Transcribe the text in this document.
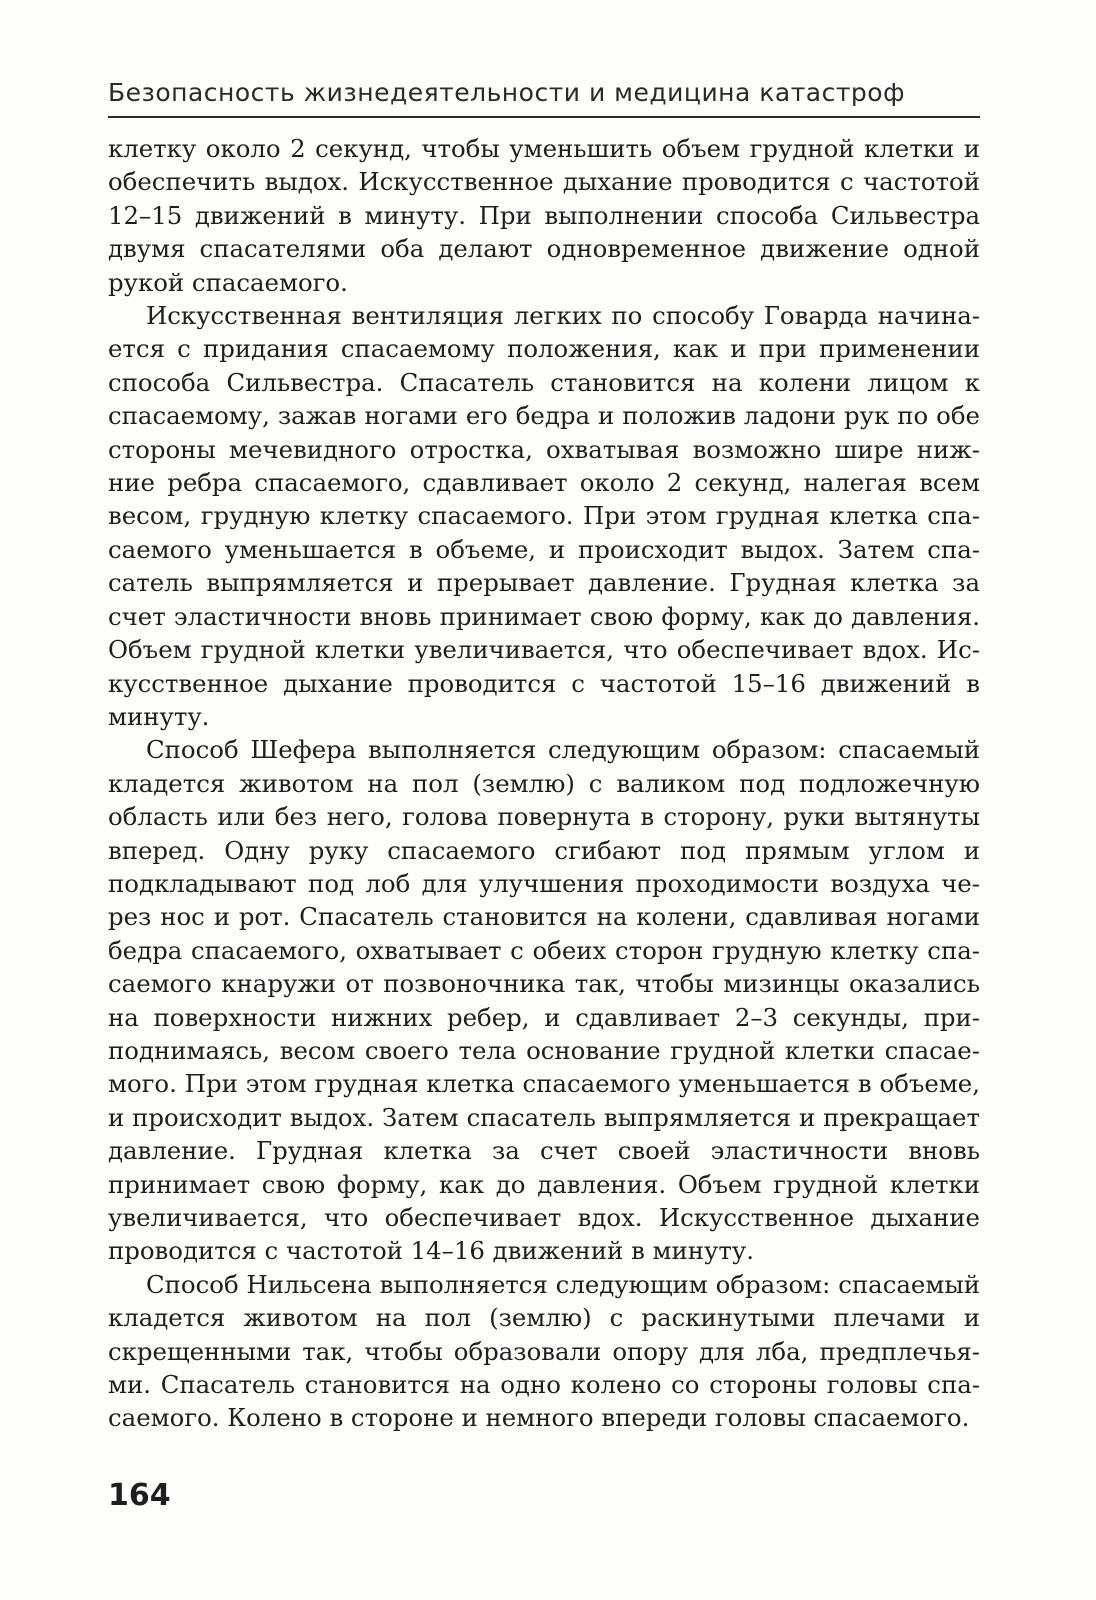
Безопасность жизнедеятельности и медицина катастроф

клетку около 2 секунд, чтобы уменьшить объем грудной клетки и обеспечить выдох. Искусственное дыхание проводится с частотой 12–15 движений в минуту. При выполнении способа Сильвестра двумя спасателями оба делают одновременное движение одной рукой спасаемого.

Искусственная вентиляция легких по способу Говарда начинается с придания спасаемому положения, как и при применении способа Сильвестра. Спасатель становится на колени лицом к спасаемому, зажав ногами его бедра и положив ладони рук по обе стороны мечевидного отростка, охватывая возможно шире нижние ребра спасаемого, сдавливает около 2 секунд, налегая всем весом, грудную клетку спасаемого. При этом грудная клетка спасаемого уменьшается в объеме, и происходит выдох. Затем спасатель выпрямляется и прерывает давление. Грудная клетка за счет эластичности вновь принимает свою форму, как до давления. Объем грудной клетки увеличивается, что обеспечивает вдох. Искусственное дыхание проводится с частотой 15–16 движений в минуту.

Способ Шефера выполняется следующим образом: спасаемый кладется животом на пол (землю) с валиком под подложечную область или без него, голова повернута в сторону, руки вытянуты вперед. Одну руку спасаемого сгибают под прямым углом и подкладывают под лоб для улучшения проходимости воздуха через нос и рот. Спасатель становится на колени, сдавливая ногами бедра спасаемого, охватывает с обеих сторон грудную клетку спасаемого кнаружи от позвоночника так, чтобы мизинцы оказались на поверхности нижних ребер, и сдавливает 2–3 секунды, приподнимаясь, весом своего тела основание грудной клетки спасаемого. При этом грудная клетка спасаемого уменьшается в объеме, и происходит выдох. Затем спасатель выпрямляется и прекращает давление. Грудная клетка за счет своей эластичности вновь принимает свою форму, как до давления. Объем грудной клетки увеличивается, что обеспечивает вдох. Искусственное дыхание проводится с частотой 14–16 движений в минуту.

Способ Нильсена выполняется следующим образом: спасаемый кладется животом на пол (землю) с раскинутыми плечами и скрещенными так, чтобы образовали опору для лба, предплечьями. Спасатель становится на одно колено со стороны головы спасаемого. Колено в стороне и немного впереди головы спасаемого.

164
